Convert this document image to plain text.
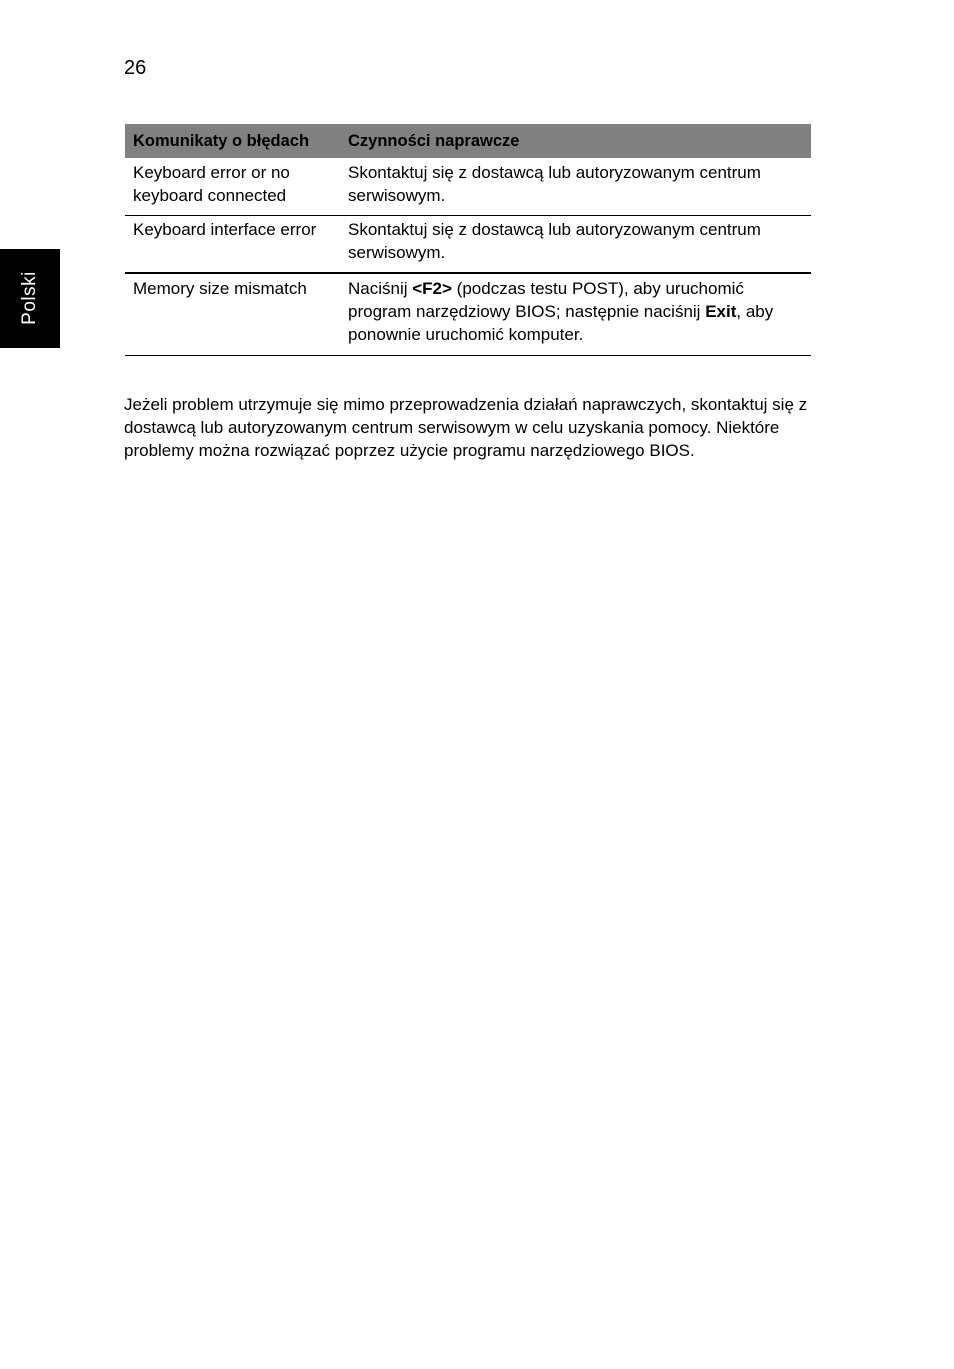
26
Polski
Komunikaty o błędach	Czynności naprawcze
Keyboard error or no keyboard connected	Skontaktuj się z dostawcą lub autoryzowanym centrum serwisowym.
Keyboard interface error	Skontaktuj się z dostawcą lub autoryzowanym centrum serwisowym.
Memory size mismatch	Naciśnij <F2> (podczas testu POST), aby uruchomić program narzędziowy BIOS; następnie naciśnij Exit, aby ponownie uruchomić komputer.

Jeżeli problem utrzymuje się mimo przeprowadzenia działań naprawczych, skontaktuj się z dostawcą lub autoryzowanym centrum serwisowym w celu uzyskania pomocy. Niektóre problemy można rozwiązać poprzez użycie programu narzędziowego BIOS.
